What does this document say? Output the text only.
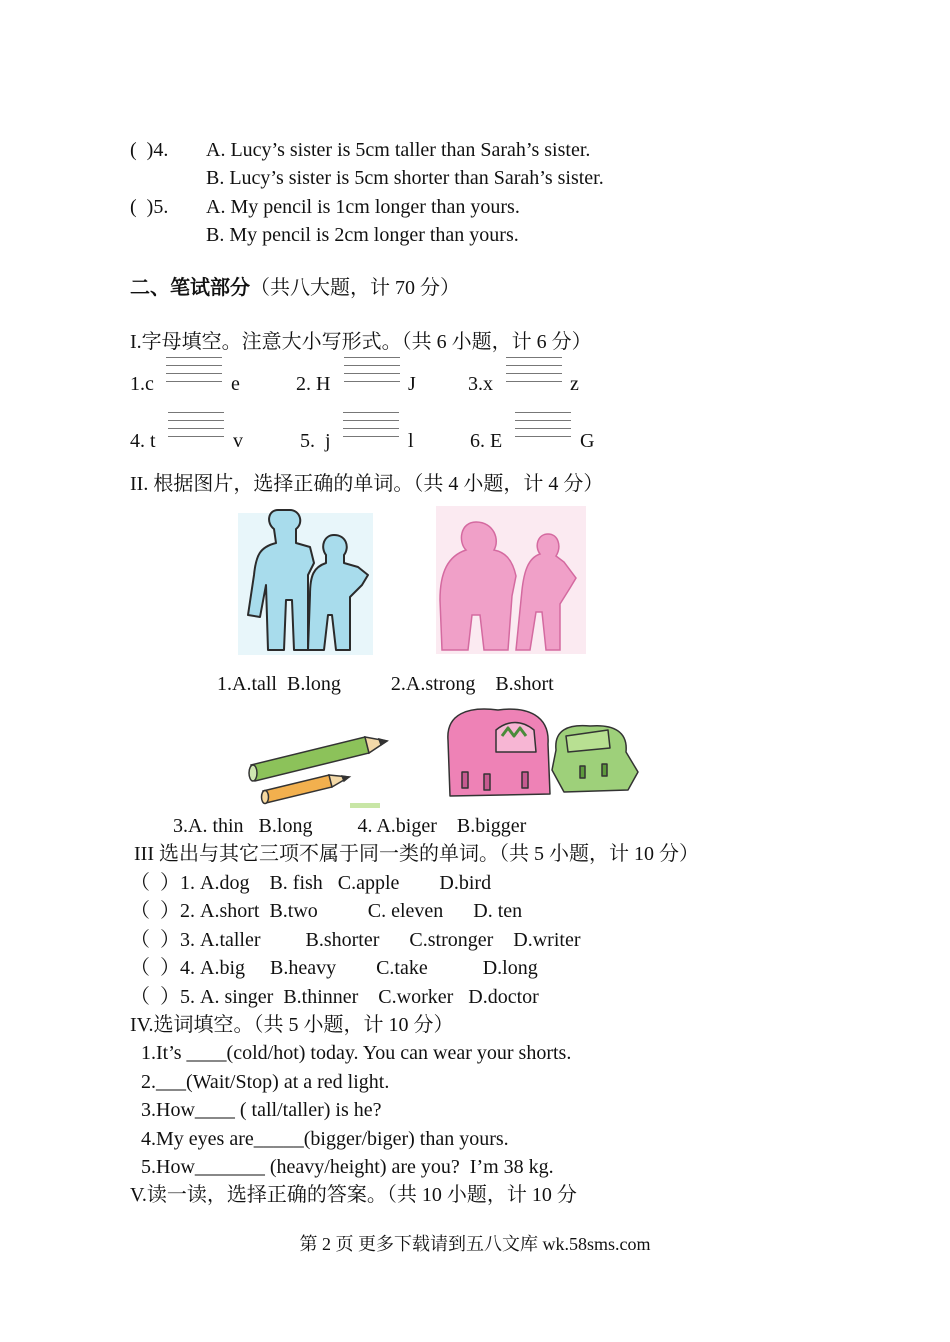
(  )4. A. Lucy’s sister is 5cm taller than Sarah’s sister.
B. Lucy’s sister is 5cm shorter than Sarah’s sister.
(  )5. A. My pencil is 1cm longer than yours.
B. My pencil is 2cm longer than yours.
二、笔试部分（共八大题，计 70 分）
I.字母填空。注意大小写形式。（共 6 小题，计 6 分）
1.c	e	2. H	J	3.x	z
4. t	v	5.  j	l	6. E	G
II. 根据图片，选择正确的单词。（共 4 小题，计 4 分）
1.A.tall  B.long          2.A.strong    B.short
3.A. thin   B.long         4. A.biger    B.bigger
III 选出与其它三项不属于同一类的单词。（共 5 小题，计 10 分）
（  ）1. A.dog    B. fish   C.apple        D.bird
（  ）2. A.short  B.two          C. eleven      D. ten
（  ）3. A.taller         B.shorter      C.stronger    D.writer
（  ）4. A.big     B.heavy        C.take           D.long
（  ）5. A. singer  B.thinner    C.worker   D.doctor
IV.选词填空。（共 5 小题，计 10 分）
1.It’s ____(cold/hot) today. You can wear your shorts.
2.___(Wait/Stop) at a red light.
3.How____ ( tall/taller) is he?
4.My eyes are_____(bigger/biger) than yours.
5.How_______ (heavy/height) are you?  I’m 38 kg.
V.读一读，选择正确的答案。（共 10 小题，计 10 分
第 2 页 更多下载请到五八文库 wk.58sms.com
